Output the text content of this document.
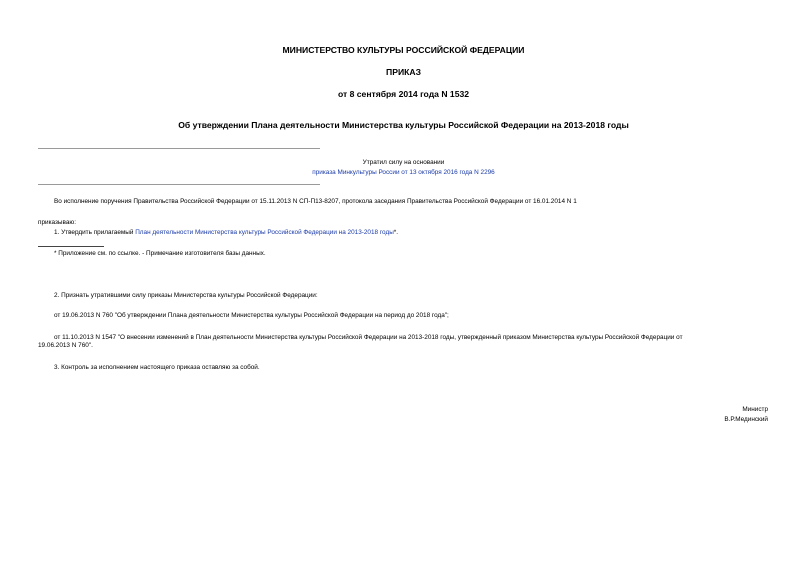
МИНИСТЕРСТВО КУЛЬТУРЫ РОССИЙСКОЙ ФЕДЕРАЦИИ
ПРИКАЗ
от 8 сентября 2014 года N 1532
Об утверждении Плана деятельности Министерства культуры Российской Федерации на 2013-2018 годы
Утратил силу на основании
приказа Минкультуры России от 13 октября 2016 года N 2296
Во исполнение поручения Правительства Российской Федерации от 15.11.2013 N СП-П13-8207, протокола заседания Правительства Российской Федерации от 16.01.2014 N 1
приказываю:
1. Утвердить прилагаемый План деятельности Министерства культуры Российской Федерации на 2013-2018 годы*.
* Приложение см. по ссылке. - Примечание изготовителя базы данных.
2. Признать утратившими силу приказы Министерства культуры Российской Федерации:
от 19.06.2013 N 760 "Об утверждении Плана деятельности Министерства культуры Российской Федерации на период до 2018 года";
от 11.10.2013 N 1547 "О внесении изменений в План деятельности Министерства культуры Российской Федерации на 2013-2018 годы, утвержденный приказом Министерства культуры Российской Федерации от
19.06.2013 N 760".
3. Контроль за исполнением настоящего приказа оставляю за собой.
Министр
В.Р.Мединский
